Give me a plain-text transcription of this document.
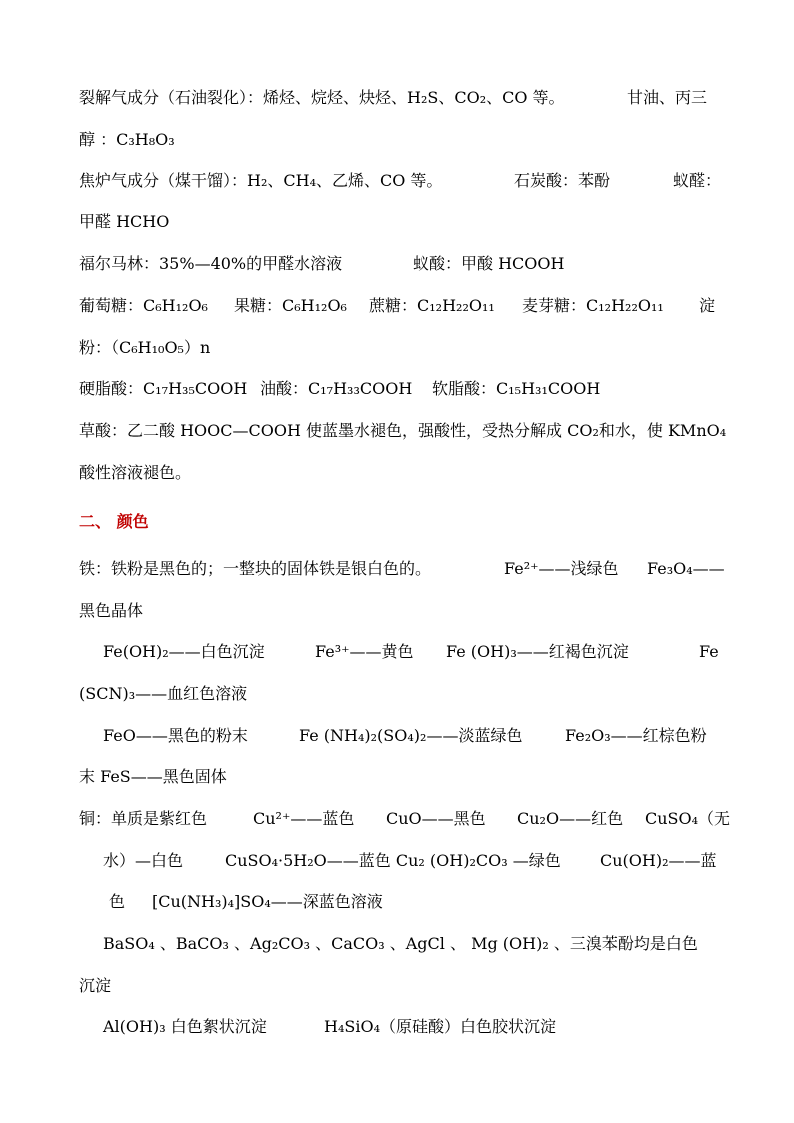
裂解气成分（石油裂化）：烯烃、烷烃、炔烃、H₂S、CO₂、CO 等。	甘油、丙三
醇 ：C₃H₈O₃
焦炉气成分（煤干馏）：H₂、CH₄、乙烯、CO 等。	石炭酸：苯酚	蚁醛：
甲醛 HCHO
福尔马林：35%—40%的甲醛水溶液	蚁酸：甲酸 HCOOH
葡萄糖：C₆H₁₂O₆ 果糖：C₆H₁₂O₆ 蔗糖：C₁₂H₂₂O₁₁ 麦芽糖：C₁₂H₂₂O₁₁ 淀
粉：（C₆H₁₀O₅）n
硬脂酸：C₁₇H₃₅COOH 油酸：C₁₇H₃₃COOH 软脂酸：C₁₅H₃₁COOH
草酸：乙二酸 HOOC—COOH 使蓝墨水褪色，强酸性，受热分解成 CO₂和水，使 KMnO₄
酸性溶液褪色。
二、 颜色
铁：铁粉是黑色的；一整块的固体铁是银白色的。	Fe²⁺——浅绿色 Fe₃O₄——
黑色晶体
Fe(OH)₂——白色沉淀	Fe³⁺——黄色 Fe (OH)₃——红褐色沉淀	Fe
(SCN)₃——血红色溶液
FeO——黑色的粉末	Fe (NH₄)₂(SO₄)₂——淡蓝绿色	Fe₂O₃——红棕色粉
末 FeS——黑色固体
铜：单质是紫红色	Cu²⁺——蓝色 CuO——黑色 Cu₂O——红色 CuSO₄（无
水）—白色	CuSO₄·5H₂O——蓝色 Cu₂ (OH)₂CO₃ —绿色 Cu(OH)₂——蓝
色 [Cu(NH₃)₄]SO₄——深蓝色溶液
BaSO₄ 、BaCO₃ 、Ag₂CO₃ 、CaCO₃ 、AgCl 、 Mg (OH)₂ 、三溴苯酚均是白色
沉淀
Al(OH)₃ 白色絮状沉淀	H₄SiO₄（原硅酸）白色胶状沉淀
